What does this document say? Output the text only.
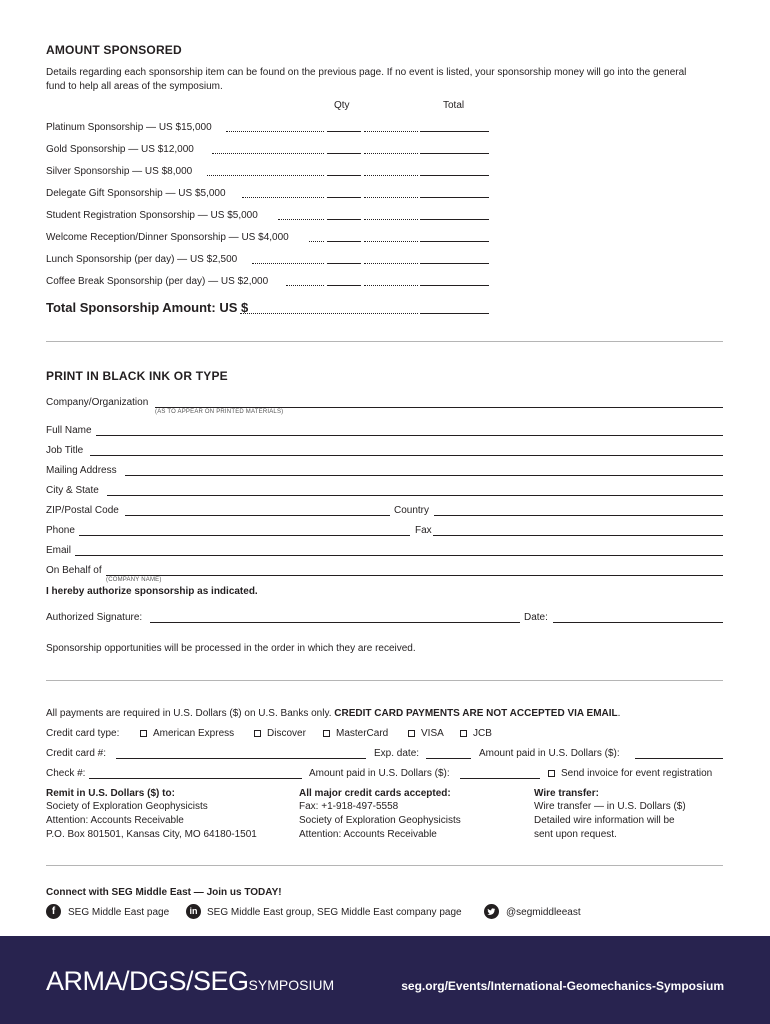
AMOUNT SPONSORED
Details regarding each sponsorship item can be found on the previous page. If no event is listed, your sponsorship money will go into the general
fund to help all areas of the symposium.
Qty	Total
Platinum Sponsorship — US $15,000
Gold Sponsorship — US $12,000
Silver Sponsorship — US $8,000
Delegate Gift Sponsorship — US $5,000
Student Registration Sponsorship — US $5,000
Welcome Reception/Dinner Sponsorship — US $4,000
Lunch Sponsorship (per day) — US $2,500
Coffee Break Sponsorship (per day) — US $2,000
Total Sponsorship Amount: US $
PRINT IN BLACK INK OR TYPE
Company/Organization
(AS TO APPEAR ON PRINTED MATERIALS)
Full Name
Job Title
Mailing Address
City & State
ZIP/Postal Code	Country
Phone	Fax
Email
On Behalf of
(COMPANY NAME)
I hereby authorize sponsorship as indicated.
Authorized Signature:	Date:
Sponsorship opportunities will be processed in the order in which they are received.
All payments are required in U.S. Dollars ($) on U.S. Banks only. CREDIT CARD PAYMENTS ARE NOT ACCEPTED VIA EMAIL.
Credit card type:	American Express	Discover	MasterCard	VISA	JCB
Credit card #:	Exp. date:	Amount paid in U.S. Dollars ($):
Check #:	Amount paid in U.S. Dollars ($):	Send invoice for event registration
Remit in U.S. Dollars ($) to:
Society of Exploration Geophysicists
Attention: Accounts Receivable
P.O. Box 801501, Kansas City, MO 64180-1501
All major credit cards accepted:
Fax: +1-918-497-5558
Society of Exploration Geophysicists
Attention: Accounts Receivable
Wire transfer:
Wire transfer — in U.S. Dollars ($)
Detailed wire information will be
sent upon request.
Connect with SEG Middle East — Join us TODAY!
f	SEG Middle East page	in SEG Middle East group, SEG Middle East company page	@segmiddleeast
ARMA/DGS/SEGSYMPOSIUM	seg.org/Events/International-Geomechanics-Symposium
